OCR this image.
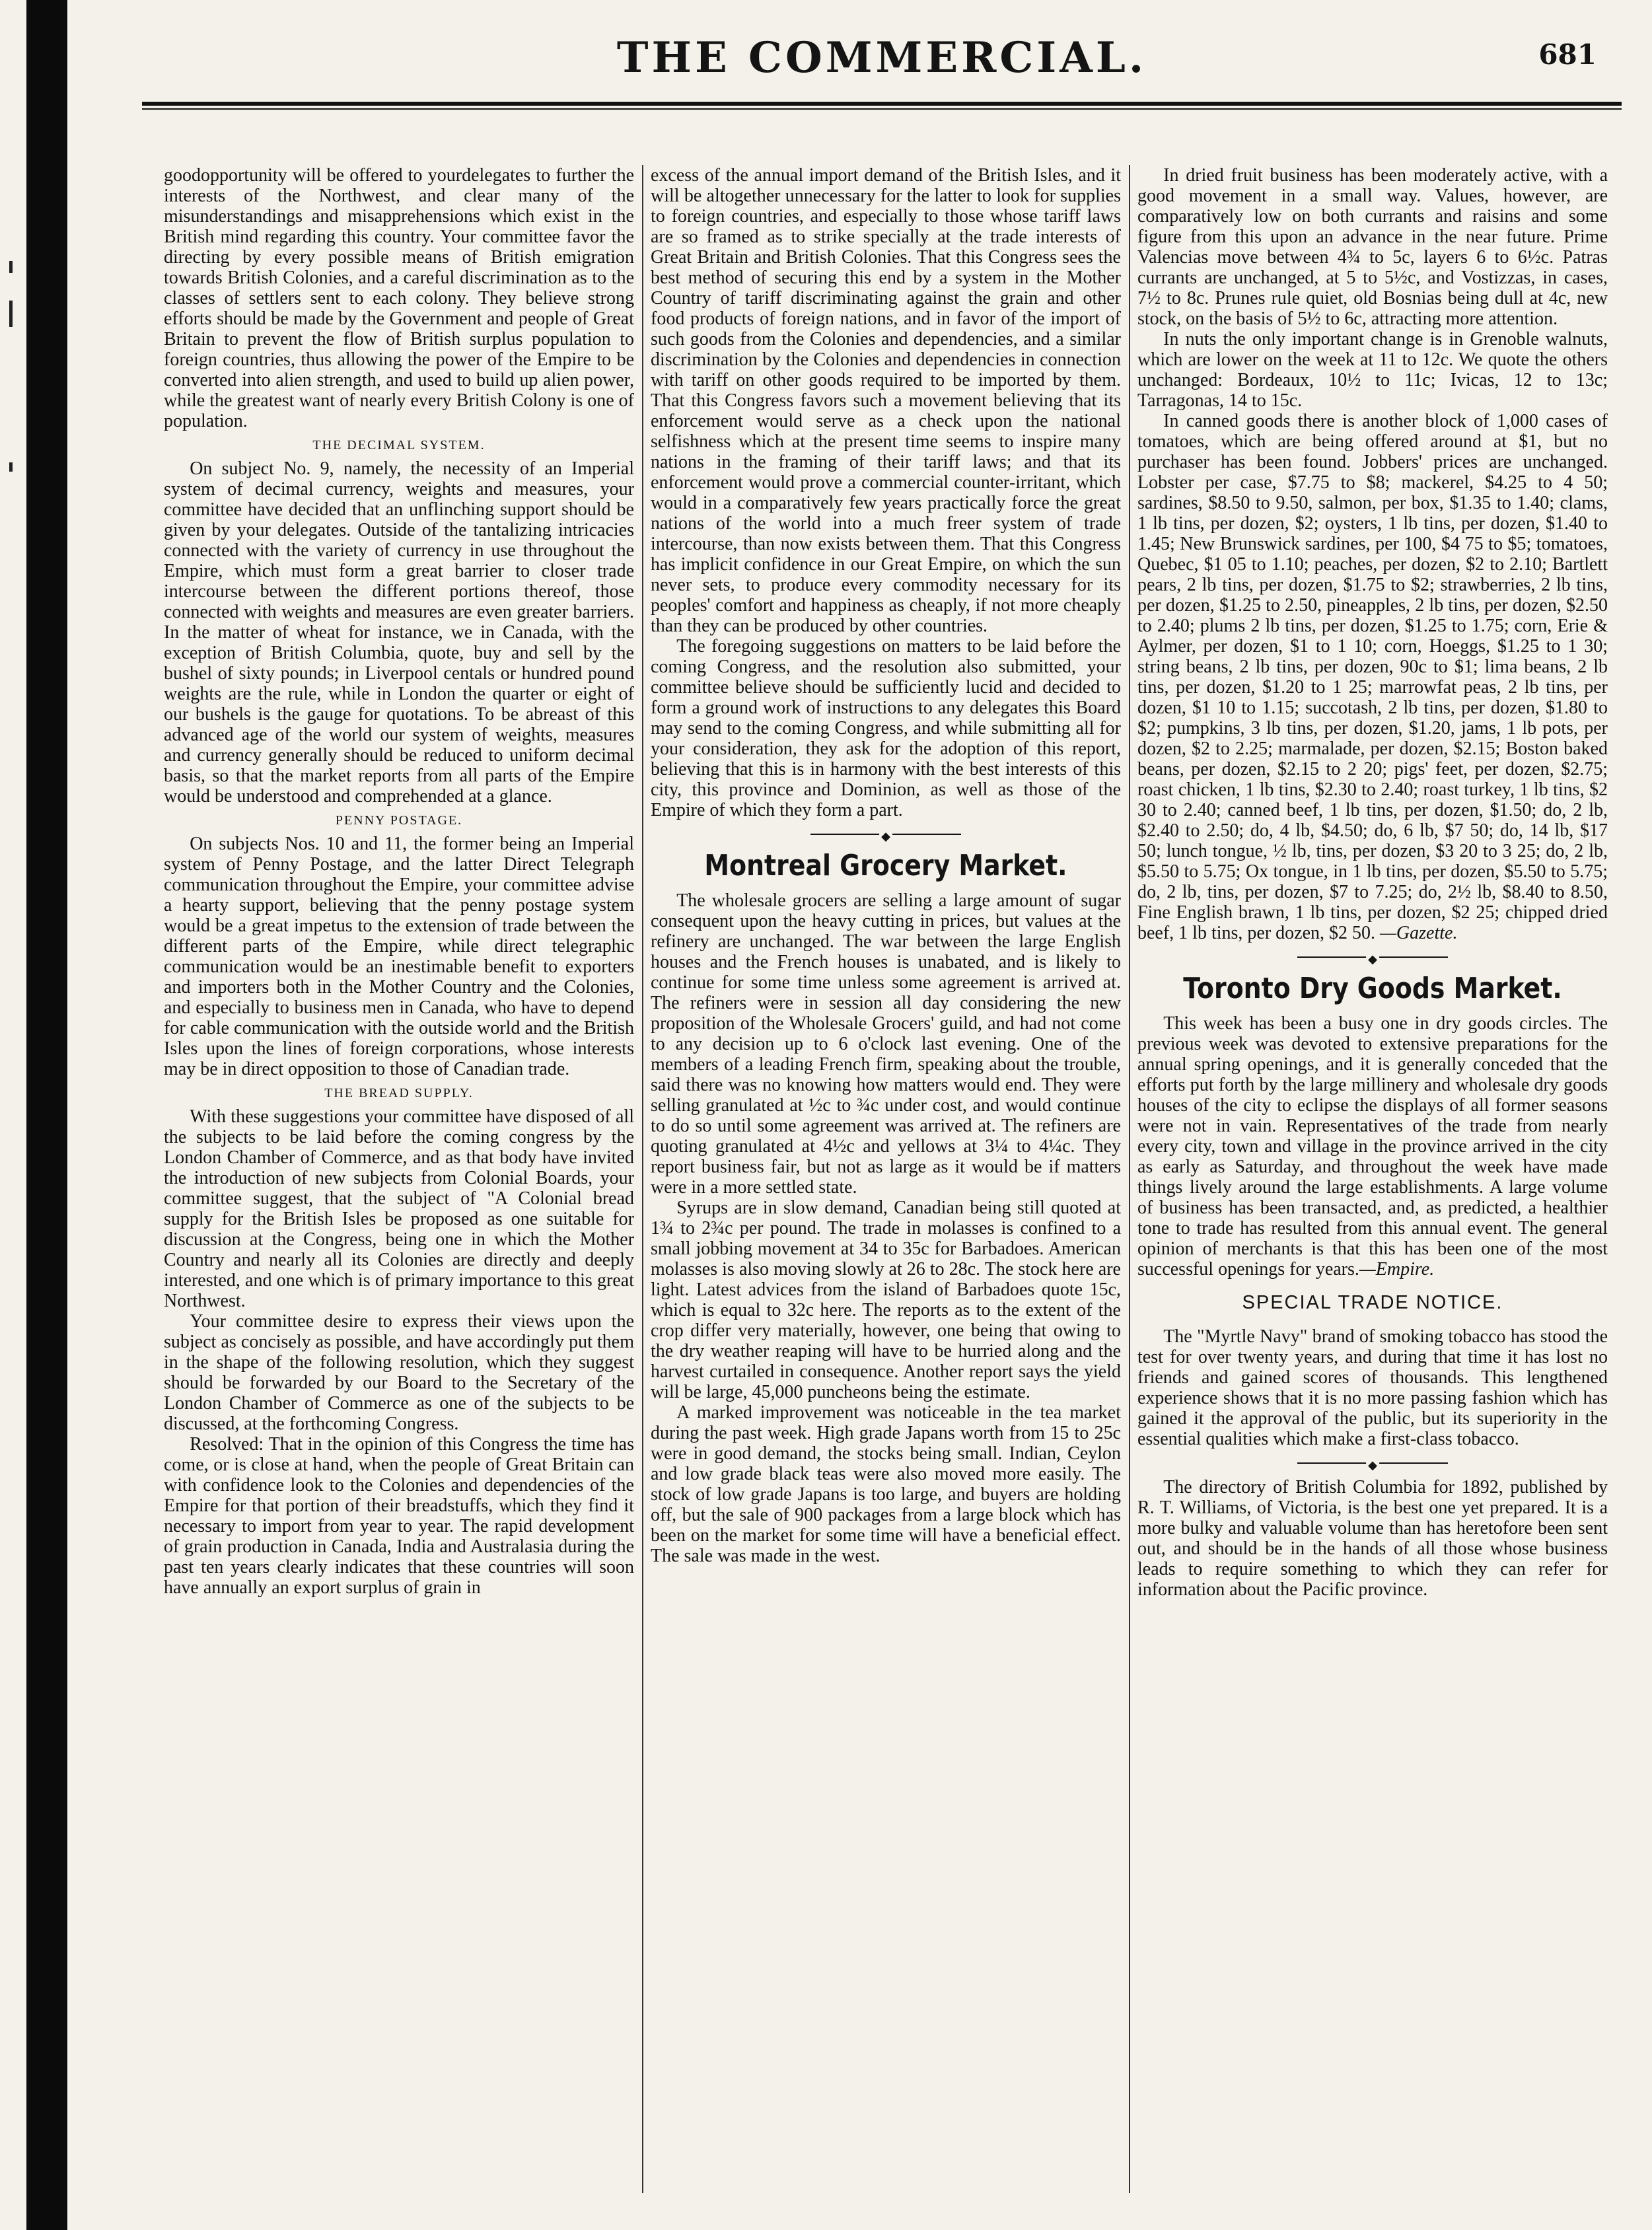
THE COMMERCIAL.	681

goodopportunity will be offered to yourdelegates to further the interests of the Northwest, and clear many of the misunderstandings and misapprehensions which exist in the British mind regarding this country. Your committee favor the directing by every possible means of British emigration towards British Colonies, and a careful discrimination as to the classes of settlers sent to each colony. They believe strong efforts should be made by the Government and people of Great Britain to prevent the flow of British surplus population to foreign countries, thus allowing the power of the Empire to be converted into alien strength, and used to build up alien power, while the greatest want of nearly every British Colony is one of population.

THE DECIMAL SYSTEM.

On subject No. 9, namely, the necessity of an Imperial system of decimal currency, weights and measures, your committee have decided that an unflinching support should be given by your delegates. Outside of the tantalizing intricacies connected with the variety of currency in use throughout the Empire, which must form a great barrier to closer trade intercourse between the different portions thereof, those connected with weights and measures are even greater barriers. In the matter of wheat for instance, we in Canada, with the exception of British Columbia, quote, buy and sell by the bushel of sixty pounds; in Liverpool centals or hundred pound weights are the rule, while in London the quarter or eight of our bushels is the gauge for quotations. To be abreast of this advanced age of the world our system of weights, measures and currency generally should be reduced to uniform decimal basis, so that the market reports from all parts of the Empire would be understood and comprehended at a glance.

PENNY POSTAGE.

On subjects Nos. 10 and 11, the former being an Imperial system of Penny Postage, and the latter Direct Telegraph communication throughout the Empire, your committee advise a hearty support, believing that the penny postage system would be a great impetus to the extension of trade between the different parts of the Empire, while direct telegraphic communication would be an inestimable benefit to exporters and importers both in the Mother Country and the Colonies, and especially to business men in Canada, who have to depend for cable communication with the outside world and the British Isles upon the lines of foreign corporations, whose interests may be in direct opposition to those of Canadian trade.

THE BREAD SUPPLY.

With these suggestions your committee have disposed of all the subjects to be laid before the coming congress by the London Chamber of Commerce, and as that body have invited the introduction of new subjects from Colonial Boards, your committee suggest, that the subject of "A Colonial bread supply for the British Isles be proposed as one suitable for discussion at the Congress, being one in which the Mother Country and nearly all its Colonies are directly and deeply interested, and one which is of primary importance to this great Northwest.

Your committee desire to express their views upon the subject as concisely as possible, and have accordingly put them in the shape of the following resolution, which they suggest should be forwarded by our Board to the Secretary of the London Chamber of Commerce as one of the subjects to be discussed, at the forthcoming Congress.

Resolved: That in the opinion of this Congress the time has come, or is close at hand, when the people of Great Britain can with confidence look to the Colonies and dependencies of the Empire for that portion of their breadstuffs, which they find it necessary to import from year to year. The rapid development of grain production in Canada, India and Australasia during the past ten years clearly indicates that these countries will soon have annually an export surplus of grain in

excess of the annual import demand of the British Isles, and it will be altogether unnecessary for the latter to look for supplies to foreign countries, and especially to those whose tariff laws are so framed as to strike specially at the trade interests of Great Britain and British Colonies. That this Congress sees the best method of securing this end by a system in the Mother Country of tariff discriminating against the grain and other food products of foreign nations, and in favor of the import of such goods from the Colonies and dependencies, and a similar discrimination by the Colonies and dependencies in connection with tariff on other goods required to be imported by them. That this Congress favors such a movement believing that its enforcement would serve as a check upon the national selfishness which at the present time seems to inspire many nations in the framing of their tariff laws; and that its enforcement would prove a commercial counter-irritant, which would in a comparatively few years practically force the great nations of the world into a much freer system of trade intercourse, than now exists between them. That this Congress has implicit confidence in our Great Empire, on which the sun never sets, to produce every commodity necessary for its peoples' comfort and happiness as cheaply, if not more cheaply than they can be produced by other countries.

The foregoing suggestions on matters to be laid before the coming Congress, and the resolution also submitted, your committee believe should be sufficiently lucid and decided to form a ground work of instructions to any delegates this Board may send to the coming Congress, and while submitting all for your consideration, they ask for the adoption of this report, believing that this is in harmony with the best interests of this city, this province and Dominion, as well as those of the Empire of which they form a part.

◆
Montreal Grocery Market.

The wholesale grocers are selling a large amount of sugar consequent upon the heavy cutting in prices, but values at the refinery are unchanged. The war between the large English houses and the French houses is unabated, and is likely to continue for some time unless some agreement is arrived at. The refiners were in session all day considering the new proposition of the Wholesale Grocers' guild, and had not come to any decision up to 6 o'clock last evening. One of the members of a leading French firm, speaking about the trouble, said there was no knowing how matters would end. They were selling granulated at ½c to ¾c under cost, and would continue to do so until some agreement was arrived at. The refiners are quoting granulated at 4½c and yellows at 3¼ to 4¼c. They report business fair, but not as large as it would be if matters were in a more settled state.

Syrups are in slow demand, Canadian being still quoted at 1¾ to 2¾c per pound. The trade in molasses is confined to a small jobbing movement at 34 to 35c for Barbadoes. American molasses is also moving slowly at 26 to 28c. The stock here are light. Latest advices from the island of Barbadoes quote 15c, which is equal to 32c here. The reports as to the extent of the crop differ very materially, however, one being that owing to the dry weather reaping will have to be hurried along and the harvest curtailed in consequence. Another report says the yield will be large, 45,000 puncheons being the estimate.

A marked improvement was noticeable in the tea market during the past week. High grade Japans worth from 15 to 25c were in good demand, the stocks being small. Indian, Ceylon and low grade black teas were also moved more easily. The stock of low grade Japans is too large, and buyers are holding off, but the sale of 900 packages from a large block which has been on the market for some time will have a beneficial effect. The sale was made in the west.

In dried fruit business has been moderately active, with a good movement in a small way. Values, however, are comparatively low on both currants and raisins and some figure from this upon an advance in the near future. Prime Valencias move between 4¾ to 5c, layers 6 to 6½c. Patras currants are unchanged, at 5 to 5½c, and Vostizzas, in cases, 7½ to 8c. Prunes rule quiet, old Bosnias being dull at 4c, new stock, on the basis of 5½ to 6c, attracting more attention.

In nuts the only important change is in Grenoble walnuts, which are lower on the week at 11 to 12c. We quote the others unchanged: Bordeaux, 10½ to 11c; Ivicas, 12 to 13c; Tarragonas, 14 to 15c.

In canned goods there is another block of 1,000 cases of tomatoes, which are being offered around at $1, but no purchaser has been found. Jobbers' prices are unchanged. Lobster per case, $7.75 to $8; mackerel, $4.25 to 4 50; sardines, $8.50 to 9.50, salmon, per box, $1.35 to 1.40; clams, 1 lb tins, per dozen, $2; oysters, 1 lb tins, per dozen, $1.40 to 1.45; New Brunswick sardines, per 100, $4 75 to $5; tomatoes, Quebec, $1 05 to 1.10; peaches, per dozen, $2 to 2.10; Bartlett pears, 2 lb tins, per dozen, $1.75 to $2; strawberries, 2 lb tins, per dozen, $1.25 to 2.50, pineapples, 2 lb tins, per dozen, $2.50 to 2.40; plums 2 lb tins, per dozen, $1.25 to 1.75; corn, Erie & Aylmer, per dozen, $1 to 1 10; corn, Hoeggs, $1.25 to 1 30; string beans, 2 lb tins, per dozen, 90c to $1; lima beans, 2 lb tins, per dozen, $1.20 to 1 25; marrowfat peas, 2 lb tins, per dozen, $1 10 to 1.15; succotash, 2 lb tins, per dozen, $1.80 to $2; pumpkins, 3 lb tins, per dozen, $1.20, jams, 1 lb pots, per dozen, $2 to 2.25; marmalade, per dozen, $2.15; Boston baked beans, per dozen, $2.15 to 2 20; pigs' feet, per dozen, $2.75; roast chicken, 1 lb tins, $2.30 to 2.40; roast turkey, 1 lb tins, $2 30 to 2.40; canned beef, 1 lb tins, per dozen, $1.50; do, 2 lb, $2.40 to 2.50; do, 4 lb, $4.50; do, 6 lb, $7 50; do, 14 lb, $17 50; lunch tongue, ½ lb, tins, per dozen, $3 20 to 3 25; do, 2 lb, $5.50 to 5.75; Ox tongue, in 1 lb tins, per dozen, $5.50 to 5.75; do, 2 lb, tins, per dozen, $7 to 7.25; do, 2½ lb, $8.40 to 8.50, Fine English brawn, 1 lb tins, per dozen, $2 25; chipped dried beef, 1 lb tins, per dozen, $2 50. —Gazette.

◆
Toronto Dry Goods Market.

This week has been a busy one in dry goods circles. The previous week was devoted to extensive preparations for the annual spring openings, and it is generally conceded that the efforts put forth by the large millinery and wholesale dry goods houses of the city to eclipse the displays of all former seasons were not in vain. Representatives of the trade from nearly every city, town and village in the province arrived in the city as early as Saturday, and throughout the week have made things lively around the large establishments. A large volume of business has been transacted, and, as predicted, a healthier tone to trade has resulted from this annual event. The general opinion of merchants is that this has been one of the most successful openings for years.—Empire.

SPECIAL TRADE NOTICE.

The "Myrtle Navy" brand of smoking tobacco has stood the test for over twenty years, and during that time it has lost no friends and gained scores of thousands. This lengthened experience shows that it is no more passing fashion which has gained it the approval of the public, but its superiority in the essential qualities which make a first-class tobacco.

◆

The directory of British Columbia for 1892, published by R. T. Williams, of Victoria, is the best one yet prepared. It is a more bulky and valuable volume than has heretofore been sent out, and should be in the hands of all those whose business leads to require something to which they can refer for information about the Pacific province.
